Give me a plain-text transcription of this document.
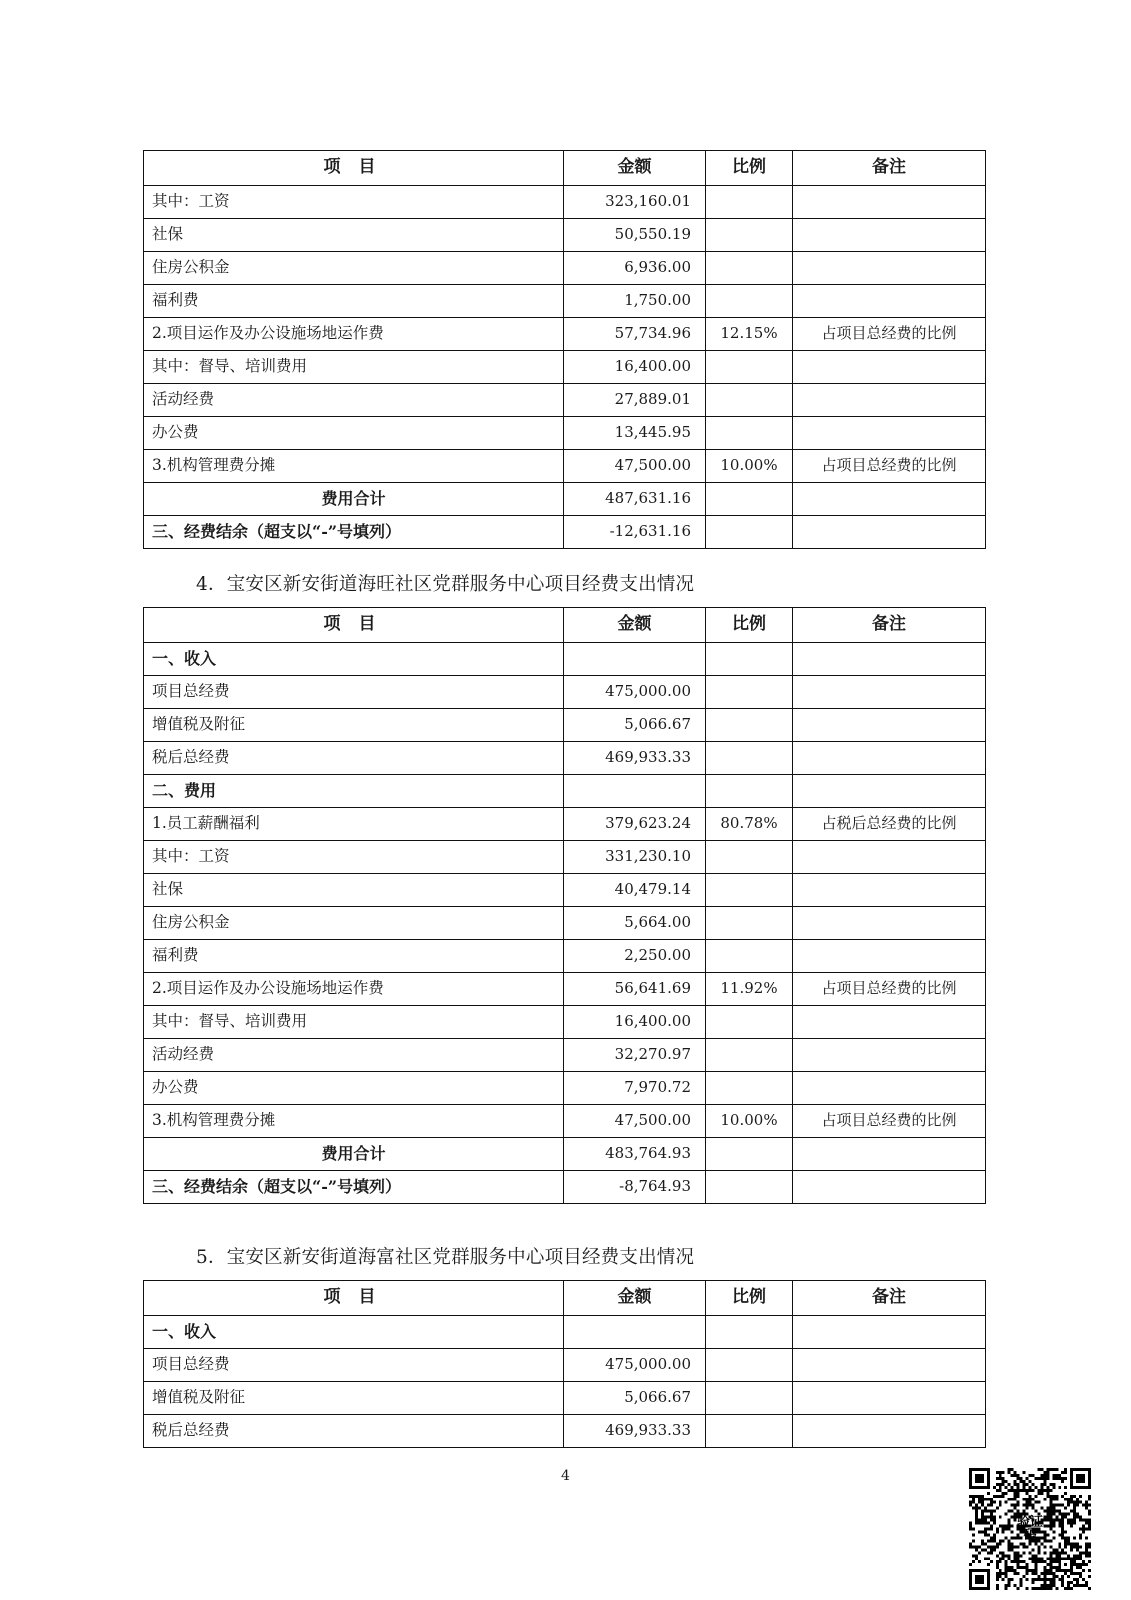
项 目	金额	比例	备注
其中：工资	323,160.01		
社保	50,550.19		
住房公积金	6,936.00		
福利费	1,750.00		
2.项目运作及办公设施场地运作费	57,734.96	12.15%	占项目总经费的比例
其中：督导、培训费用	16,400.00		
活动经费	27,889.01		
办公费	13,445.95		
3.机构管理费分摊	47,500.00	10.00%	占项目总经费的比例
费用合计	487,631.16		
三、经费结余（超支以“-”号填列）	-12,631.16		
4．宝安区新安街道海旺社区党群服务中心项目经费支出情况
项 目	金额	比例	备注
一、收入			
项目总经费	475,000.00		
增值税及附征	5,066.67		
税后总经费	469,933.33		
二、费用			
1.员工薪酬福利	379,623.24	80.78%	占税后总经费的比例
其中：工资	331,230.10		
社保	40,479.14		
住房公积金	5,664.00		
福利费	2,250.00		
2.项目运作及办公设施场地运作费	56,641.69	11.92%	占项目总经费的比例
其中：督导、培训费用	16,400.00		
活动经费	32,270.97		
办公费	7,970.72		
3.机构管理费分摊	47,500.00	10.00%	占项目总经费的比例
费用合计	483,764.93		
三、经费结余（超支以“-”号填列）	-8,764.93		
5．宝安区新安街道海富社区党群服务中心项目经费支出情况
项 目	金额	比例	备注
一、收入			
项目总经费	475,000.00		
增值税及附征	5,066.67		
税后总经费	469,933.33		
4
验证码
